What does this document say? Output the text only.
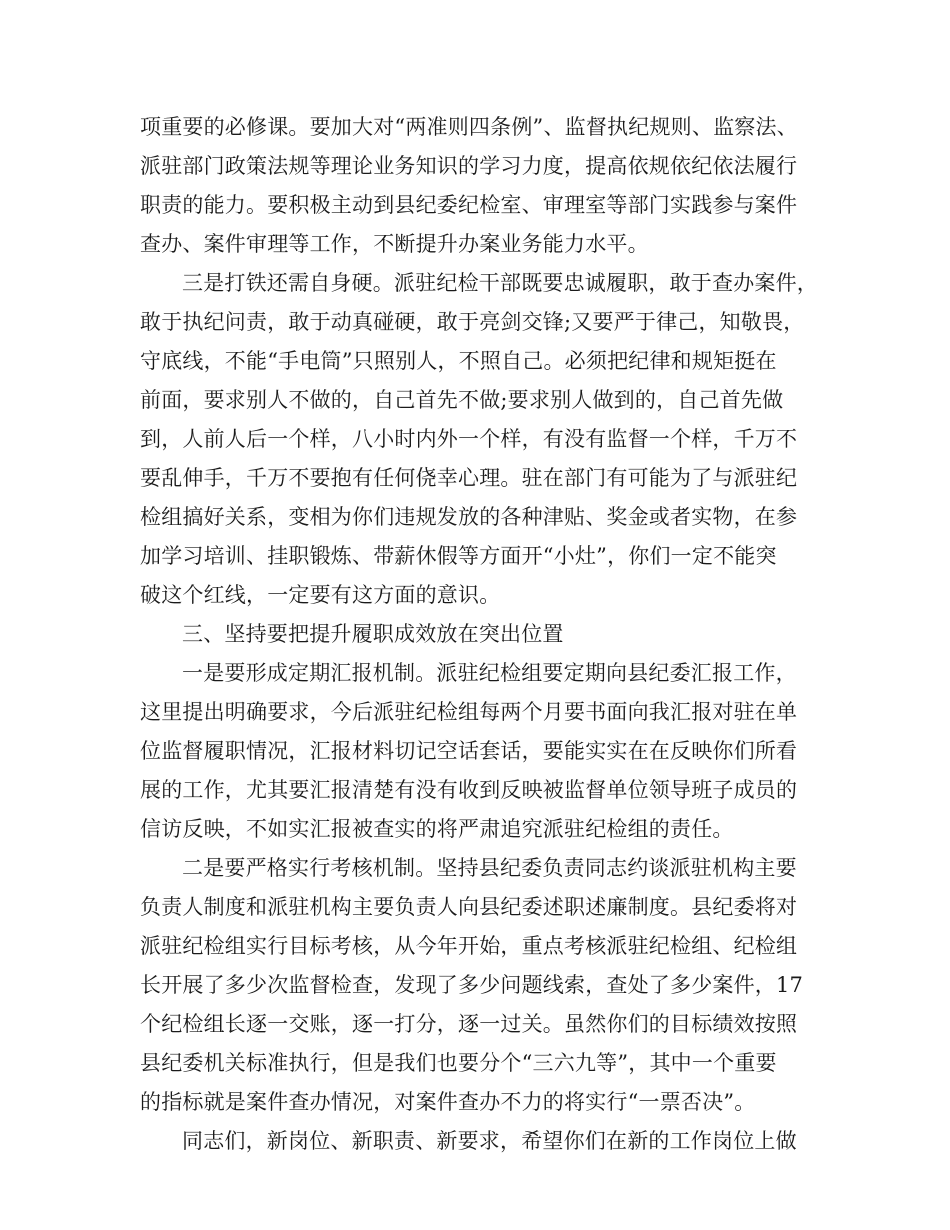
项重要的必修课。要加大对“两准则四条例”、监督执纪规则、监察法、
派驻部门政策法规等理论业务知识的学习力度，提高依规依纪依法履行
职责的能力。要积极主动到县纪委纪检室、审理室等部门实践参与案件
查办、案件审理等工作，不断提升办案业务能力水平。
三是打铁还需自身硬。派驻纪检干部既要忠诚履职，敢于查办案件，
敢于执纪问责，敢于动真碰硬，敢于亮剑交锋;又要严于律己，知敬畏，
守底线，不能“手电筒”只照别人，不照自己。必须把纪律和规矩挺在
前面，要求别人不做的，自己首先不做;要求别人做到的，自己首先做
到，人前人后一个样，八小时内外一个样，有没有监督一个样，千万不
要乱伸手，千万不要抱有任何侥幸心理。驻在部门有可能为了与派驻纪
检组搞好关系，变相为你们违规发放的各种津贴、奖金或者实物，在参
加学习培训、挂职锻炼、带薪休假等方面开“小灶”，你们一定不能突
破这个红线，一定要有这方面的意识。
三、坚持要把提升履职成效放在突出位置
一是要形成定期汇报机制。派驻纪检组要定期向县纪委汇报工作，
这里提出明确要求，今后派驻纪检组每两个月要书面向我汇报对驻在单
位监督履职情况，汇报材料切记空话套话，要能实实在在反映你们所看
展的工作，尤其要汇报清楚有没有收到反映被监督单位领导班子成员的
信访反映，不如实汇报被查实的将严肃追究派驻纪检组的责任。
二是要严格实行考核机制。坚持县纪委负责同志约谈派驻机构主要
负责人制度和派驻机构主要负责人向县纪委述职述廉制度。县纪委将对
派驻纪检组实行目标考核，从今年开始，重点考核派驻纪检组、纪检组
长开展了多少次监督检查，发现了多少问题线索，查处了多少案件，17
个纪检组长逐一交账，逐一打分，逐一过关。虽然你们的目标绩效按照
县纪委机关标准执行，但是我们也要分个“三六九等”，其中一个重要
的指标就是案件查办情况，对案件查办不力的将实行“一票否决”。
同志们，新岗位、新职责、新要求，希望你们在新的工作岗位上做
